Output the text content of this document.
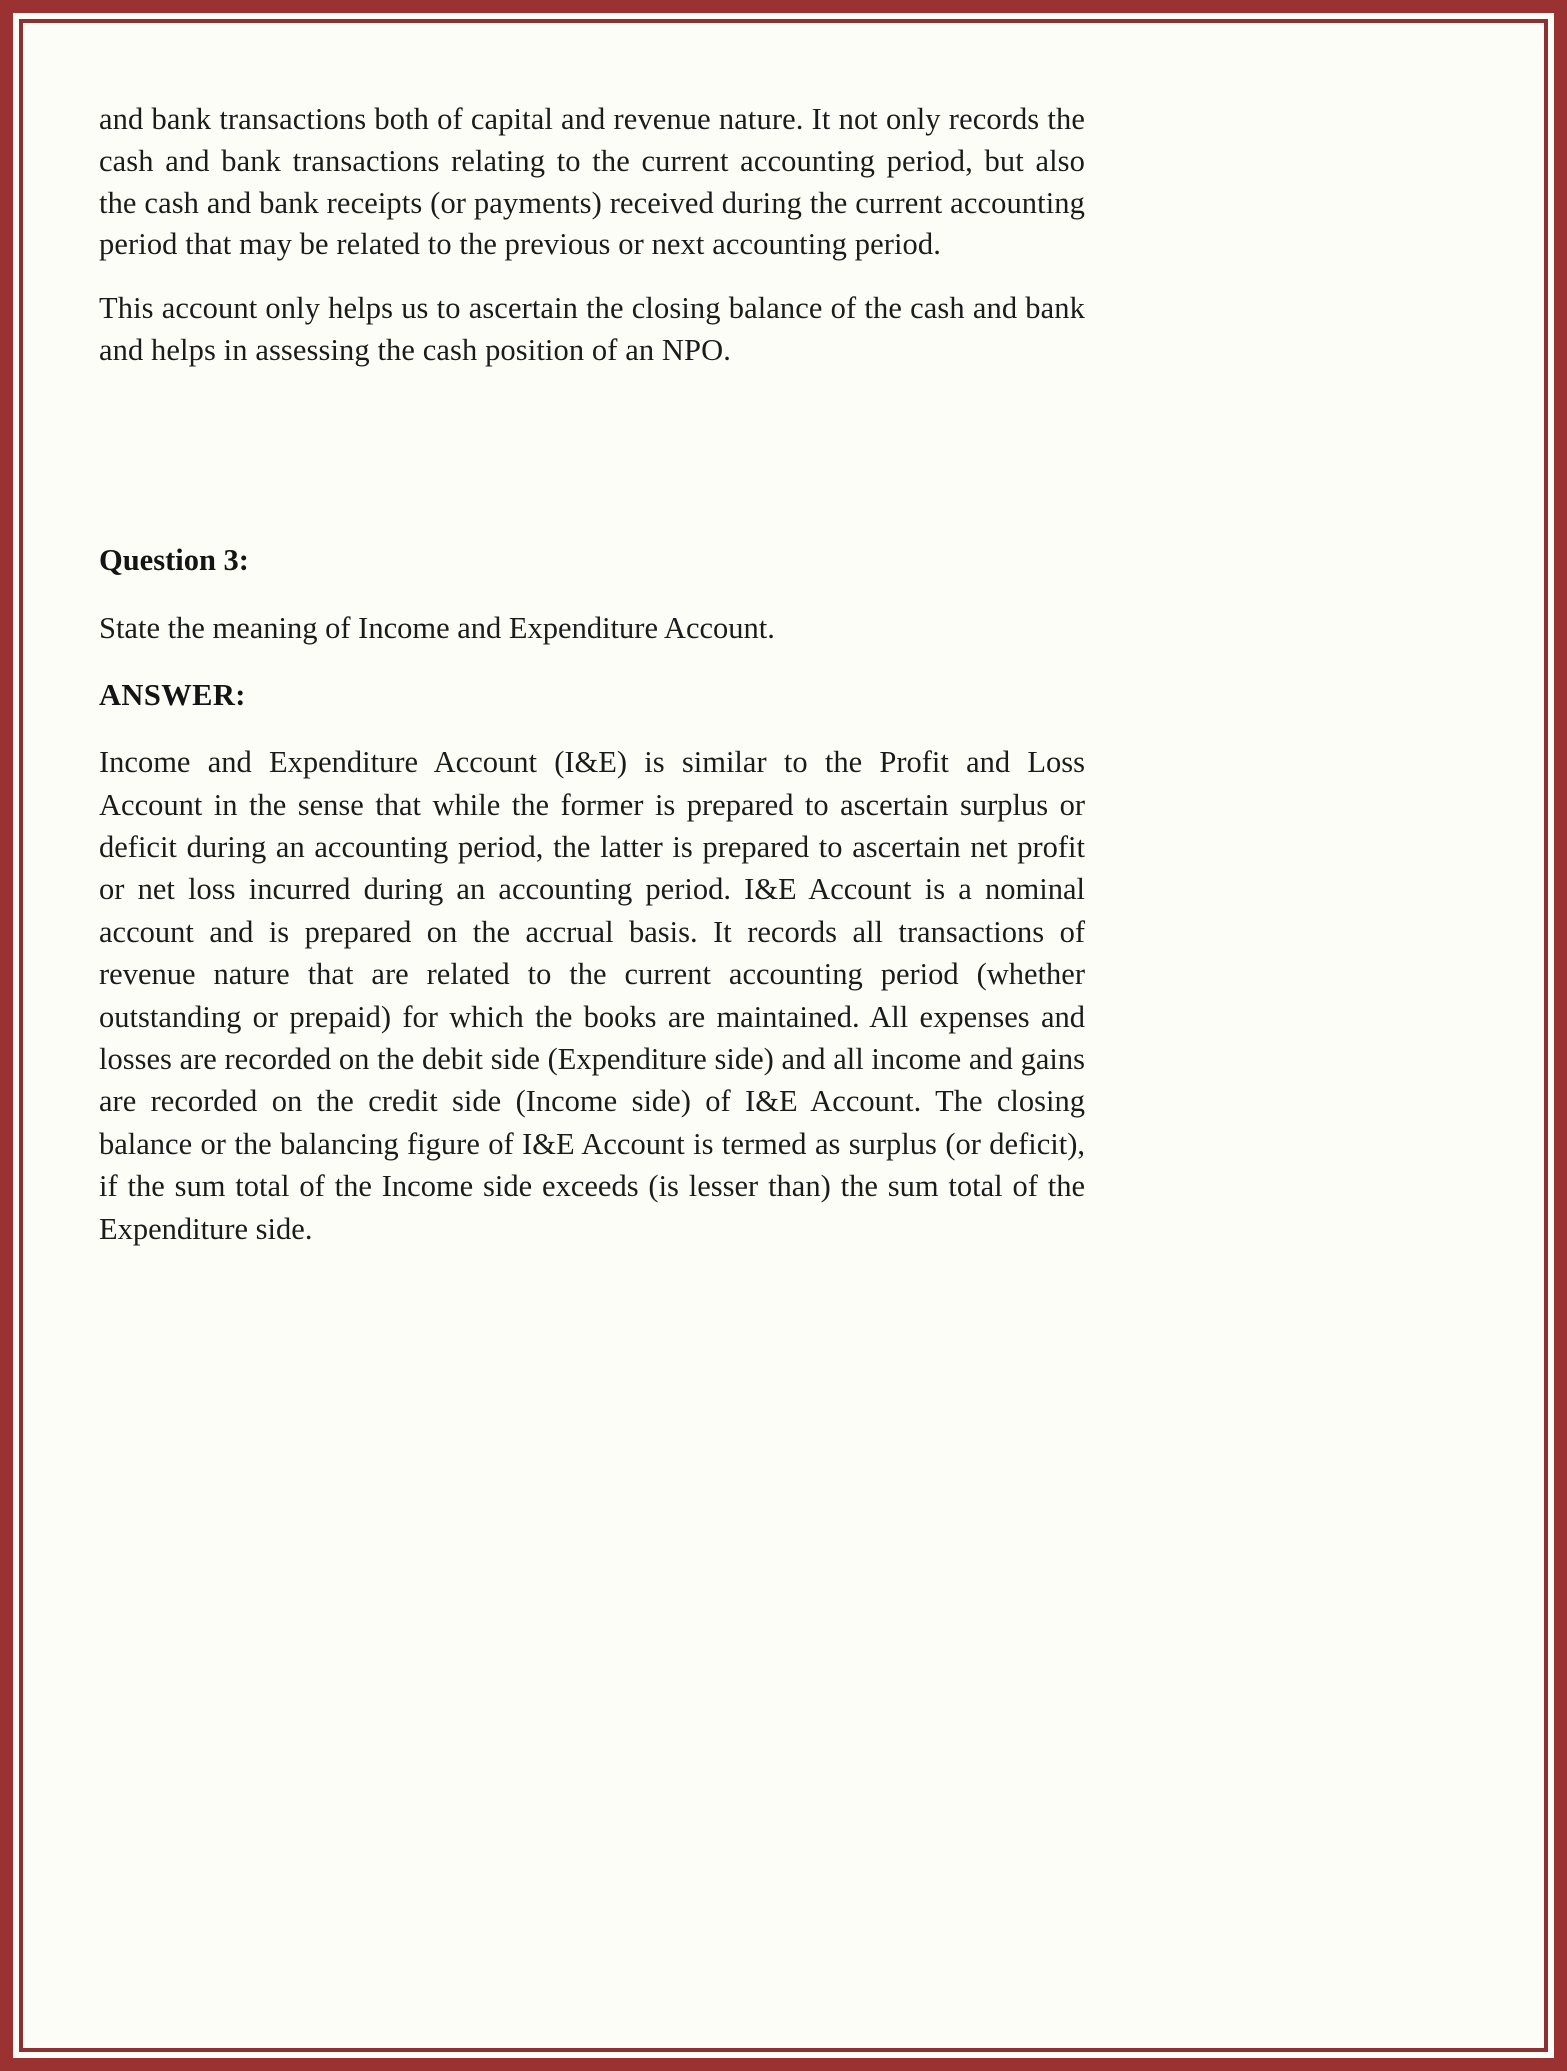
and bank transactions both of capital and revenue nature. It not only records the cash and bank transactions relating to the current accounting period, but also the cash and bank receipts (or payments) received during the current accounting period that may be related to the previous or next accounting period.

This account only helps us to ascertain the closing balance of the cash and bank and helps in assessing the cash position of an NPO.

Question 3:

State the meaning of Income and Expenditure Account.

ANSWER:

Income and Expenditure Account (I&E) is similar to the Profit and Loss Account in the sense that while the former is prepared to ascertain surplus or deficit during an accounting period, the latter is prepared to ascertain net profit or net loss incurred during an accounting period. I&E Account is a nominal account and is prepared on the accrual basis. It records all transactions of revenue nature that are related to the current accounting period (whether outstanding or prepaid) for which the books are maintained. All expenses and losses are recorded on the debit side (Expenditure side) and all income and gains are recorded on the credit side (Income side) of I&E Account. The closing balance or the balancing figure of I&E Account is termed as surplus (or deficit), if the sum total of the Income side exceeds (is lesser than) the sum total of the Expenditure side.
